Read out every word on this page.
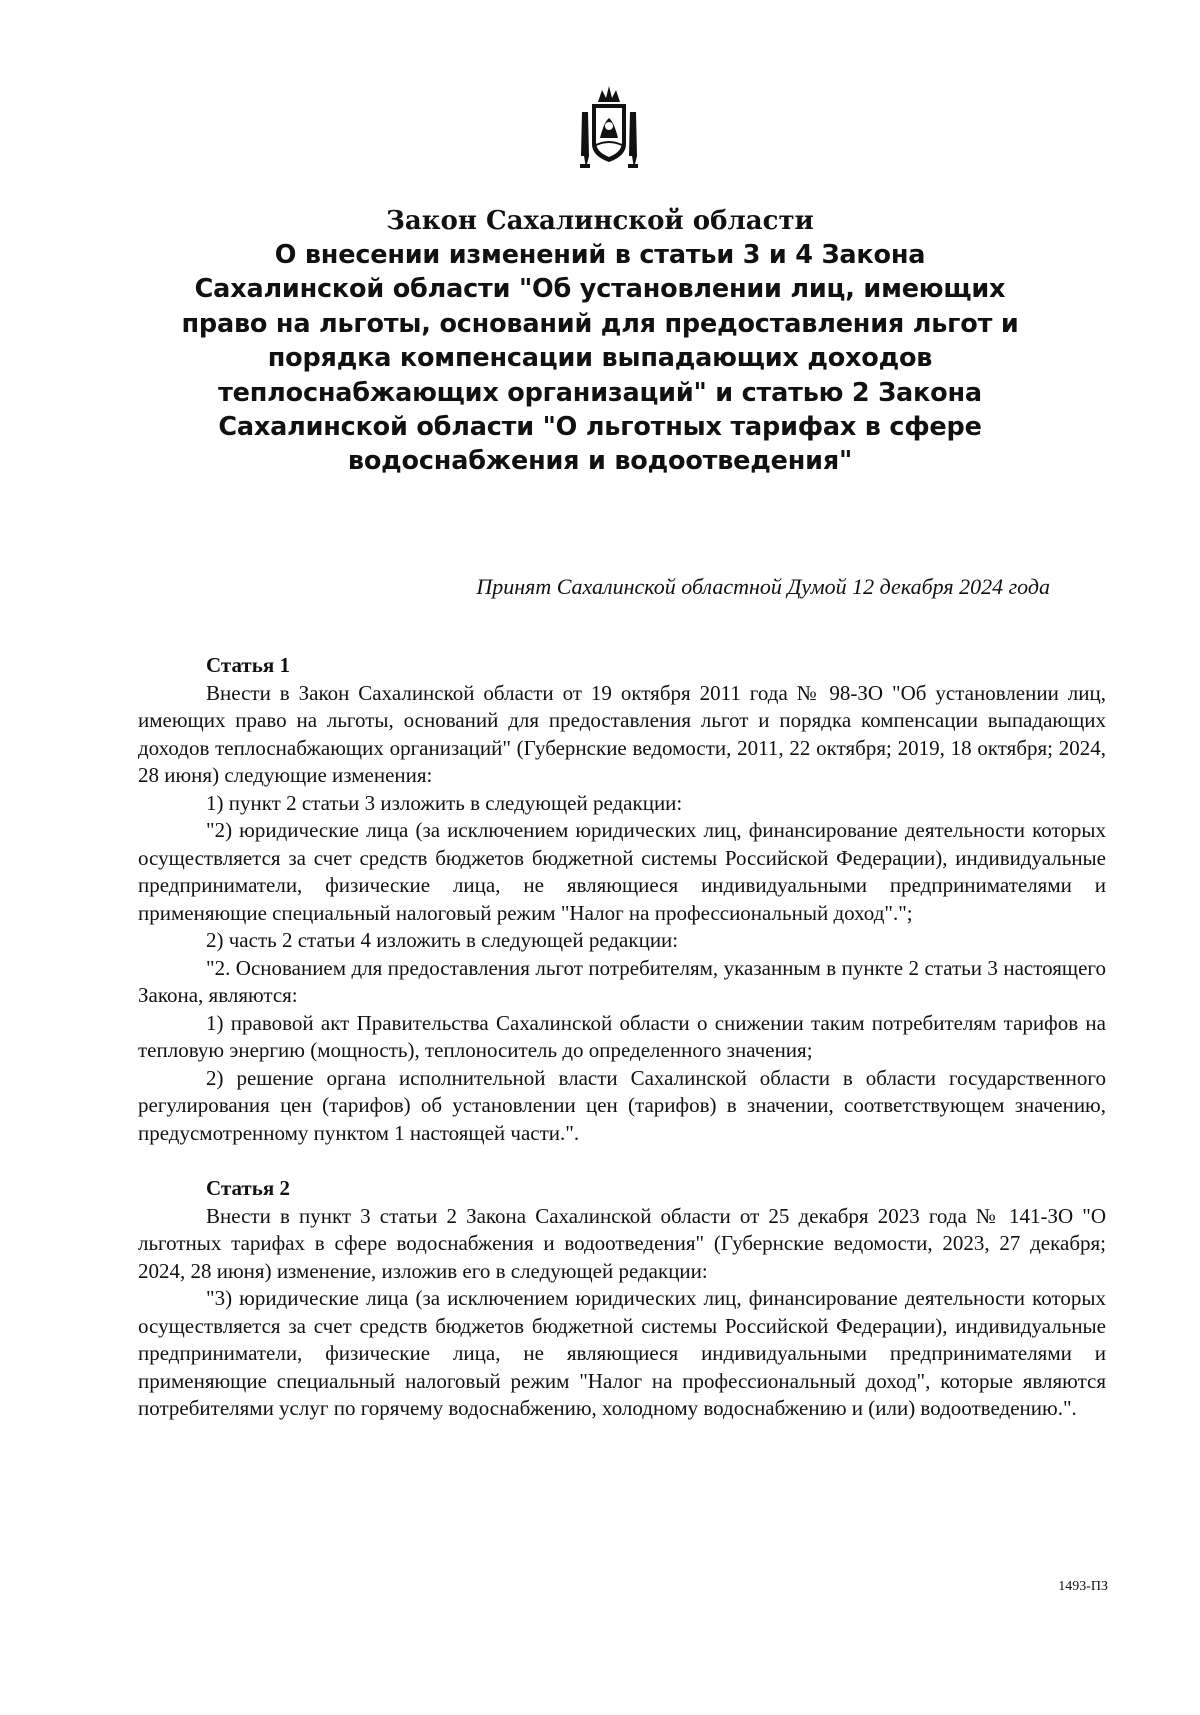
Закон Сахалинской области

О внесении изменений в статьи 3 и 4 Закона Сахалинской области "Об установлении лиц, имеющих право на льготы, оснований для предоставления льгот и порядка компенсации выпадающих доходов теплоснабжающих организаций" и статью 2 Закона Сахалинской области "О льготных тарифах в сфере водоснабжения и водоотведения"

Принят Сахалинской областной Думой 12 декабря 2024 года

Статья 1

Внести в Закон Сахалинской области от 19 октября 2011 года № 98-ЗО "Об установлении лиц, имеющих право на льготы, оснований для предоставления льгот и порядка компенсации выпадающих доходов теплоснабжающих организаций" (Губернские ведомости, 2011, 22 октября; 2019, 18 октября; 2024, 28 июня) следующие изменения:

1) пункт 2 статьи 3 изложить в следующей редакции:

"2) юридические лица (за исключением юридических лиц, финансирование деятельности которых осуществляется за счет средств бюджетов бюджетной системы Российской Федерации), индивидуальные предприниматели, физические лица, не являющиеся индивидуальными предпринимателями и применяющие специальный налоговый режим "Налог на профессиональный доход".";

2) часть 2 статьи 4 изложить в следующей редакции:

"2. Основанием для предоставления льгот потребителям, указанным в пункте 2 статьи 3 настоящего Закона, являются:

1) правовой акт Правительства Сахалинской области о снижении таким потребителям тарифов на тепловую энергию (мощность), теплоноситель до определенного значения;

2) решение органа исполнительной власти Сахалинской области в области государственного регулирования цен (тарифов) об установлении цен (тарифов) в значении, соответствующем значению, предусмотренному пунктом 1 настоящей части.".

Статья 2

Внести в пункт 3 статьи 2 Закона Сахалинской области от 25 декабря 2023 года № 141-ЗО "О льготных тарифах в сфере водоснабжения и водоотведения" (Губернские ведомости, 2023, 27 декабря; 2024, 28 июня) изменение, изложив его в следующей редакции:

"3) юридические лица (за исключением юридических лиц, финансирование деятельности которых осуществляется за счет средств бюджетов бюджетной системы Российской Федерации), индивидуальные предприниматели, физические лица, не являющиеся индивидуальными предпринимателями и применяющие специальный налоговый режим "Налог на профессиональный доход", которые являются потребителями услуг по горячему водоснабжению, холодному водоснабжению и (или) водоотведению.".

1493-ПЗ
